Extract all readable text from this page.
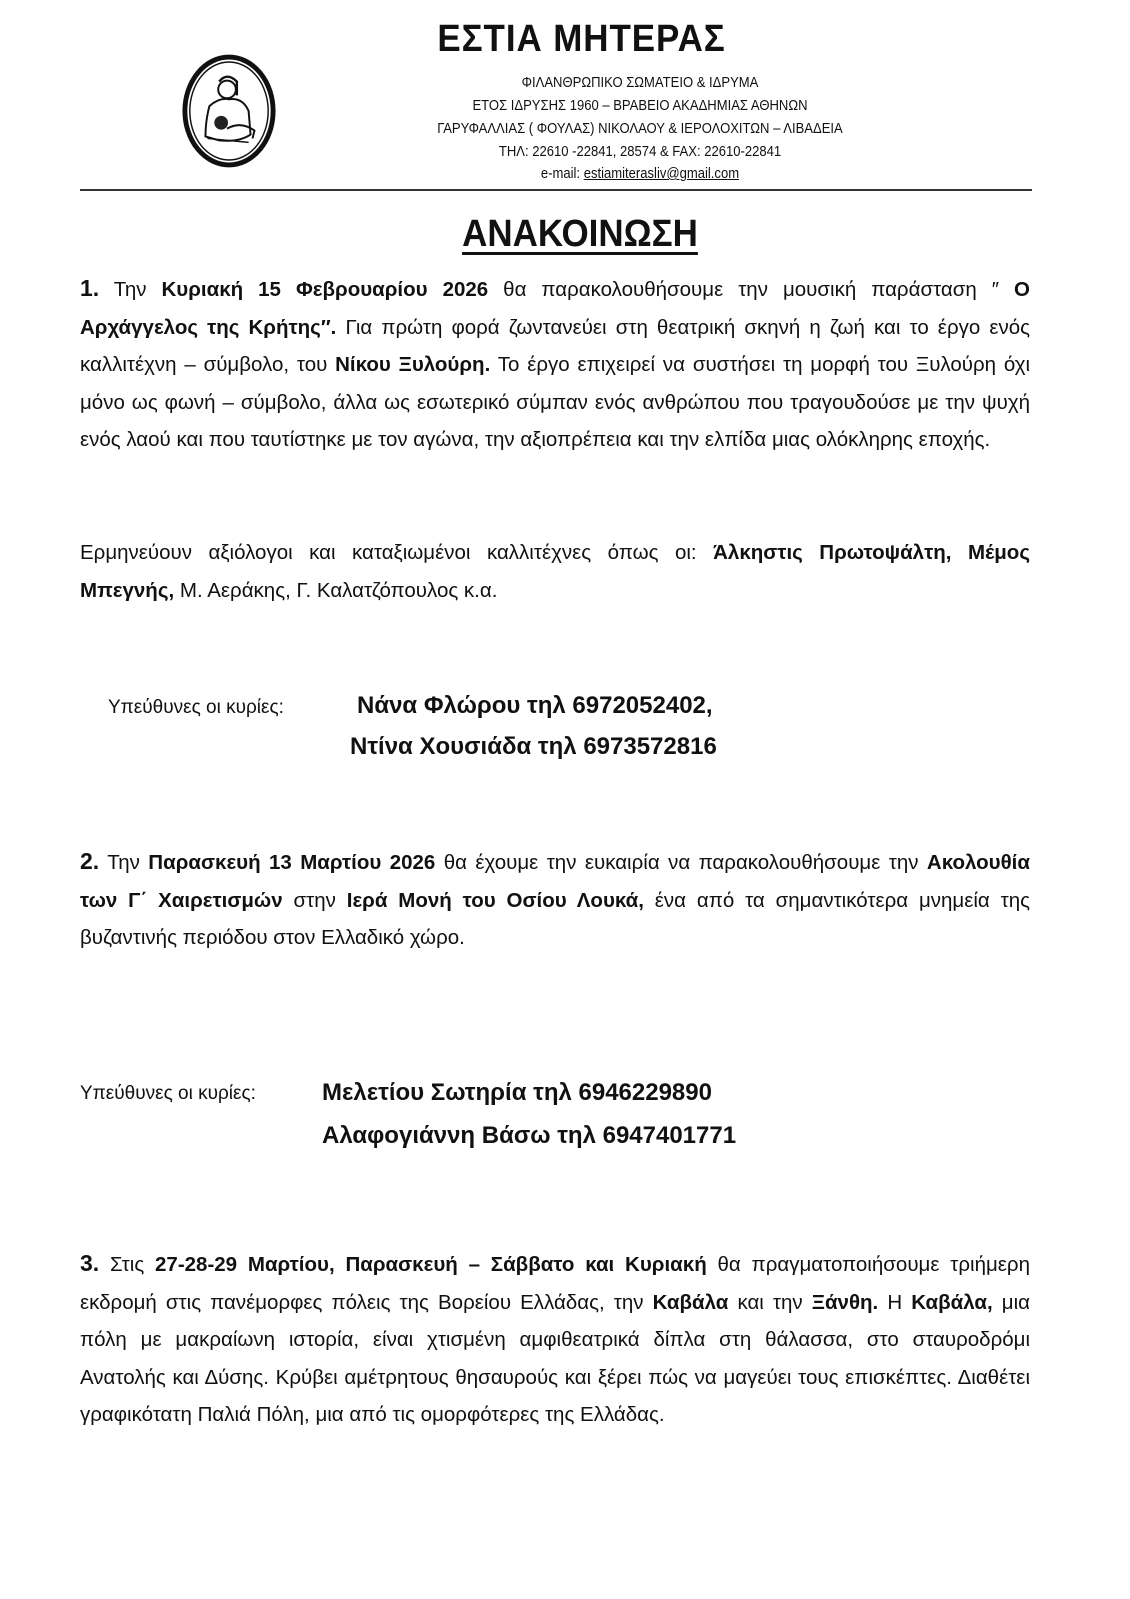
ΕΣΤΙΑ ΜΗΤΕΡΑΣ
ΦΙΛΑΝΘΡΩΠΙΚΟ ΣΩΜΑΤΕΙΟ & ΙΔΡΥΜΑ
ΕΤΟΣ ΙΔΡΥΣΗΣ 1960 – ΒΡΑΒΕΙΟ ΑΚΑΔΗΜΙΑΣ ΑΘΗΝΩΝ
ΓΑΡΥΦΑΛΛΙΑΣ ( ΦΟΥΛΑΣ) ΝΙΚΟΛΑΟΥ & ΙΕΡΟΛΟΧΙΤΩΝ – ΛΙΒΑΔΕΙΑ
ΤΗΛ: 22610 -22841, 28574 & FAX: 22610-22841
e-mail: estiamiterasliv@gmail.com
ΑΝΑΚΟΙΝΩΣΗ
1. Την Κυριακή 15 Φεβρουαρίου 2026 θα παρακολουθήσουμε την μουσική παράσταση ″ Ο Αρχάγγελος της Κρήτης″. Για πρώτη φορά ζωντανεύει στη θεατρική σκηνή η ζωή και το έργο ενός καλλιτέχνη – σύμβολο, του Νίκου Ξυλούρη. Το έργο επιχειρεί να συστήσει τη μορφή του Ξυλούρη όχι μόνο ως φωνή – σύμβολο, άλλα ως εσωτερικό σύμπαν ενός ανθρώπου που τραγουδούσε με την ψυχή ενός λαού και που ταυτίστηκε με τον αγώνα, την αξιοπρέπεια και την ελπίδα μιας ολόκληρης εποχής.
Ερμηνεύουν αξιόλογοι και καταξιωμένοι καλλιτέχνες όπως οι: Άλκηστις Πρωτοψάλτη, Μέμος Μπεγνής, Μ. Αεράκης, Γ. Καλατζόπουλος κ.α.
Υπεύθυνες οι κυρίες:	Νάνα Φλώρου τηλ 6972052402,
Ντίνα Χουσιάδα τηλ 6973572816
2. Την Παρασκευή 13 Μαρτίου 2026 θα έχουμε την ευκαιρία να παρακολουθήσουμε την Ακολουθία των Γ΄ Χαιρετισμών στην Ιερά Μονή του Οσίου Λουκά, ένα από τα σημαντικότερα μνημεία της βυζαντινής περιόδου στον Ελλαδικό χώρο.
Υπεύθυνες οι κυρίες:	Μελετίου Σωτηρία τηλ 6946229890
Αλαφογιάννη Βάσω τηλ 6947401771
3. Στις 27-28-29 Μαρτίου, Παρασκευή – Σάββατο και Κυριακή θα πραγματοποιήσουμε τριήμερη εκδρομή στις πανέμορφες πόλεις της Βορείου Ελλάδας, την Καβάλα και την Ξάνθη. Η Καβάλα, μια πόλη με μακραίωνη ιστορία, είναι χτισμένη αμφιθεατρικά δίπλα στη θάλασσα, στο σταυροδρόμι Ανατολής και Δύσης. Κρύβει αμέτρητους θησαυρούς και ξέρει πώς να μαγεύει τους επισκέπτες. Διαθέτει γραφικότατη Παλιά Πόλη, μια από τις ομορφότερες της Ελλάδας.
